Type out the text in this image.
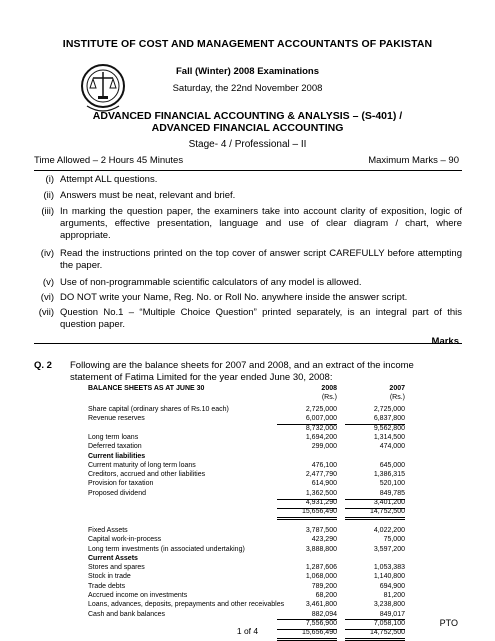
INSTITUTE OF COST AND MANAGEMENT ACCOUNTANTS OF PAKISTAN
Fall (Winter) 2008 Examinations
Saturday, the 22nd November 2008
ADVANCED FINANCIAL ACCOUNTING & ANALYSIS – (S-401) /
ADVANCED FINANCIAL ACCOUNTING
Stage- 4 / Professional – II
Time Allowed – 2 Hours 45 Minutes	Maximum Marks – 90
(i) Attempt ALL questions.
(ii) Answers must be neat, relevant and brief.
(iii) In marking the question paper, the examiners take into account clarity of exposition, logic of arguments, effective presentation, language and use of clear diagram / chart, where appropriate.
(iv) Read the instructions printed on the top cover of answer script CAREFULLY before attempting the paper.
(v) Use of non-programmable scientific calculators of any model is allowed.
(vi) DO NOT write your Name, Reg. No. or Roll No. anywhere inside the answer script.
(vii) Question No.1 – “Multiple Choice Question” printed separately, is an integral part of this question paper.
Marks
Q. 2 Following are the balance sheets for 2007 and 2008, and an extract of the income statement of Fatima Limited for the year ended June 30, 2008:
BALANCE SHEETS AS AT JUNE 30	2008	2007
(Rs.)	(Rs.)
Share capital (ordinary shares of Rs.10 each)	2,725,000	2,725,000
Revenue reserves	6,007,000	6,837,800
8,732,000	9,562,800
Long term loans	1,694,200	1,314,500
Deferred taxation	299,000	474,000
Current liabilities
Current maturity of long term loans	476,100	645,000
Creditors, accrued and other liabilities	2,477,790	1,386,315
Provision for taxation	614,900	520,100
Proposed dividend	1,362,500	849,785
4,931,290	3,401,200
15,656,490	14,752,500
Fixed Assets	3,787,500	4,022,200
Capital work-in-process	423,290	75,000
Long term investments (in associated undertaking)	3,888,800	3,597,200
Current Assets
Stores and spares	1,287,606	1,053,383
Stock in trade	1,068,000	1,140,800
Trade debts	789,200	694,900
Accrued income on investments	68,200	81,200
Loans, advances, deposits, prepayments and other receivables	3,461,800	3,238,800
Cash and bank balances	882,094	849,017
7,556,900	7,058,100
15,656,490	14,752,500
PTO
1 of 4
